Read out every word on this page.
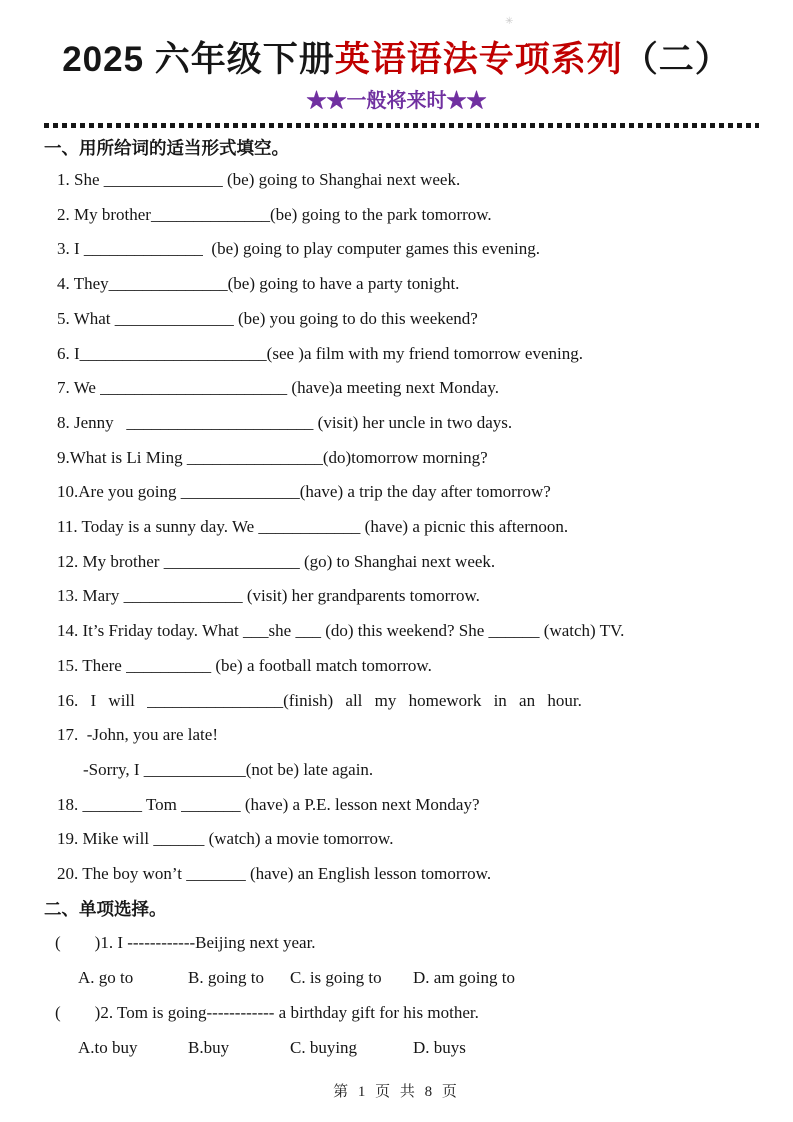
✳
2025 六年级下册英语语法专项系列（二）
★★一般将来时★★
一、用所给词的适当形式填空。
1. She ______________ (be) going to Shanghai next week.
2. My brother______________(be) going to the park tomorrow.
3. I ______________  (be) going to play computer games this evening.
4. They______________(be) going to have a party tonight.
5. What ______________ (be) you going to do this weekend?
6. I______________________(see )a film with my friend tomorrow evening.
7. We ______________________ (have)a meeting next Monday.
8. Jenny   ______________________ (visit) her uncle in two days.
9.What is Li Ming ________________(do)tomorrow morning?
10.Are you going ______________(have) a trip the day after tomorrow?
11. Today is a sunny day. We ____________ (have) a picnic this afternoon.
12. My brother ________________ (go) to Shanghai next week.
13. Mary ______________ (visit) her grandparents tomorrow.
14. It’s Friday today. What ___she ___ (do) this weekend? She ______ (watch) TV.
15. There __________ (be) a football match tomorrow.
16. I will ________________(finish) all my homework in an hour.
17.  -John, you are late!
-Sorry, I ____________(not be) late again.
18. _______ Tom _______ (have) a P.E. lesson next Monday?
19. Mike will ______ (watch) a movie tomorrow.
20. The boy won’t _______ (have) an English lesson tomorrow.
二、单项选择。
(        )1. I ------------Beijing next year.
A. go to	B. going to C. is going to D. am going to
(        )2. Tom is going------------ a birthday gift for his mother.
A.to buy	B.buy	C. buying	D. buys
第 1 页 共 8 页
